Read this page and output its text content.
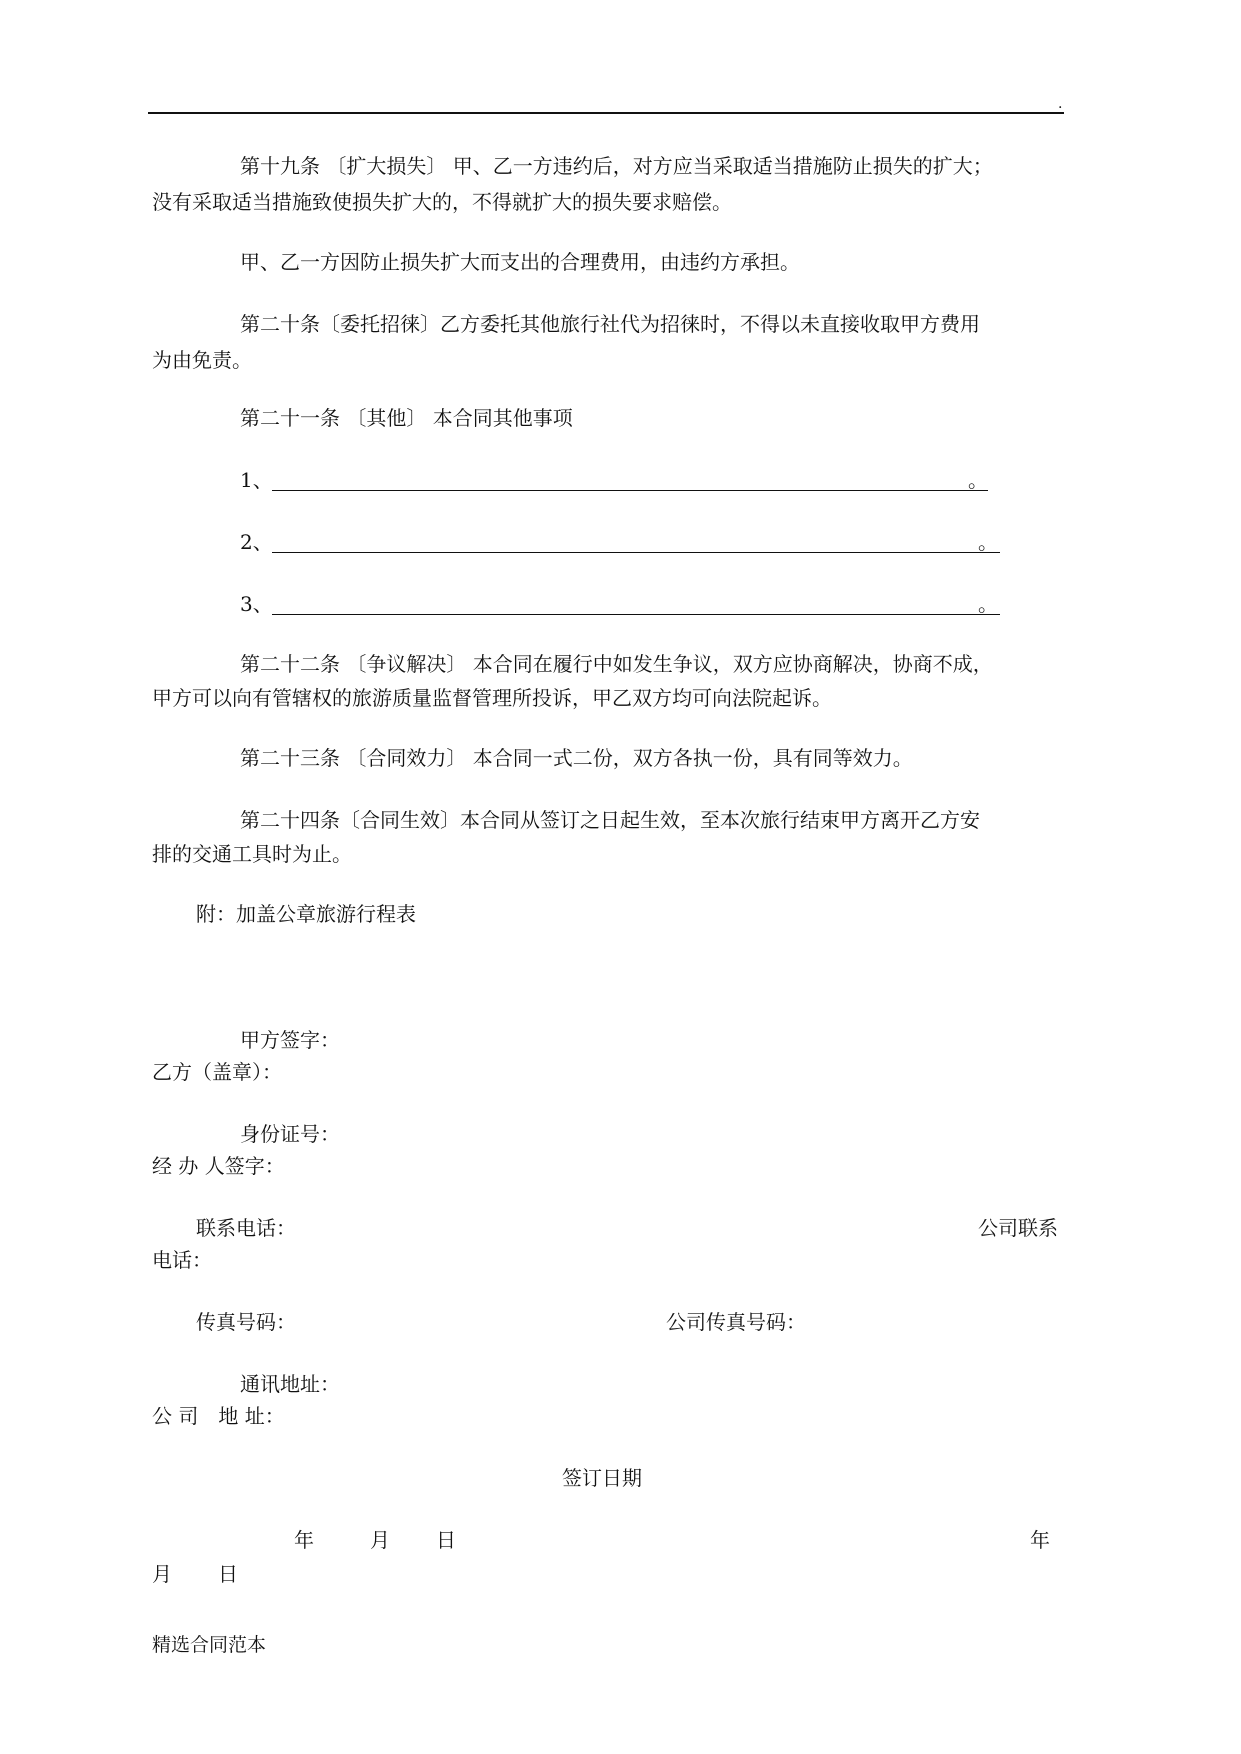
.
第十九条 〔扩大损失〕 甲、乙一方违约后，对方应当采取适当措施防止损失的扩大；
没有采取适当措施致使损失扩大的，不得就扩大的损失要求赔偿。
甲、乙一方因防止损失扩大而支出的合理费用，由违约方承担。
第二十条〔委托招徕〕乙方委托其他旅行社代为招徕时，不得以未直接收取甲方费用
为由免责。
第二十一条 〔其他〕 本合同其他事项
1、	。
2、	。
3、	。
第二十二条 〔争议解决〕 本合同在履行中如发生争议，双方应协商解决，协商不成，
甲方可以向有管辖权的旅游质量监督管理所投诉，甲乙双方均可向法院起诉。
第二十三条 〔合同效力〕 本合同一式二份，双方各执一份，具有同等效力。
第二十四条〔合同生效〕本合同从签订之日起生效，至本次旅行结束甲方离开乙方安
排的交通工具时为止。
附：加盖公章旅游行程表
甲方签字：
乙方（盖章）：
身份证号：
经 办 人签字：
联系电话：	公司联系
电话：
传真号码：	公司传真号码：
通讯地址：
公 司　地 址：
签订日期
年	月 日	年
月 日
精选合同范本
